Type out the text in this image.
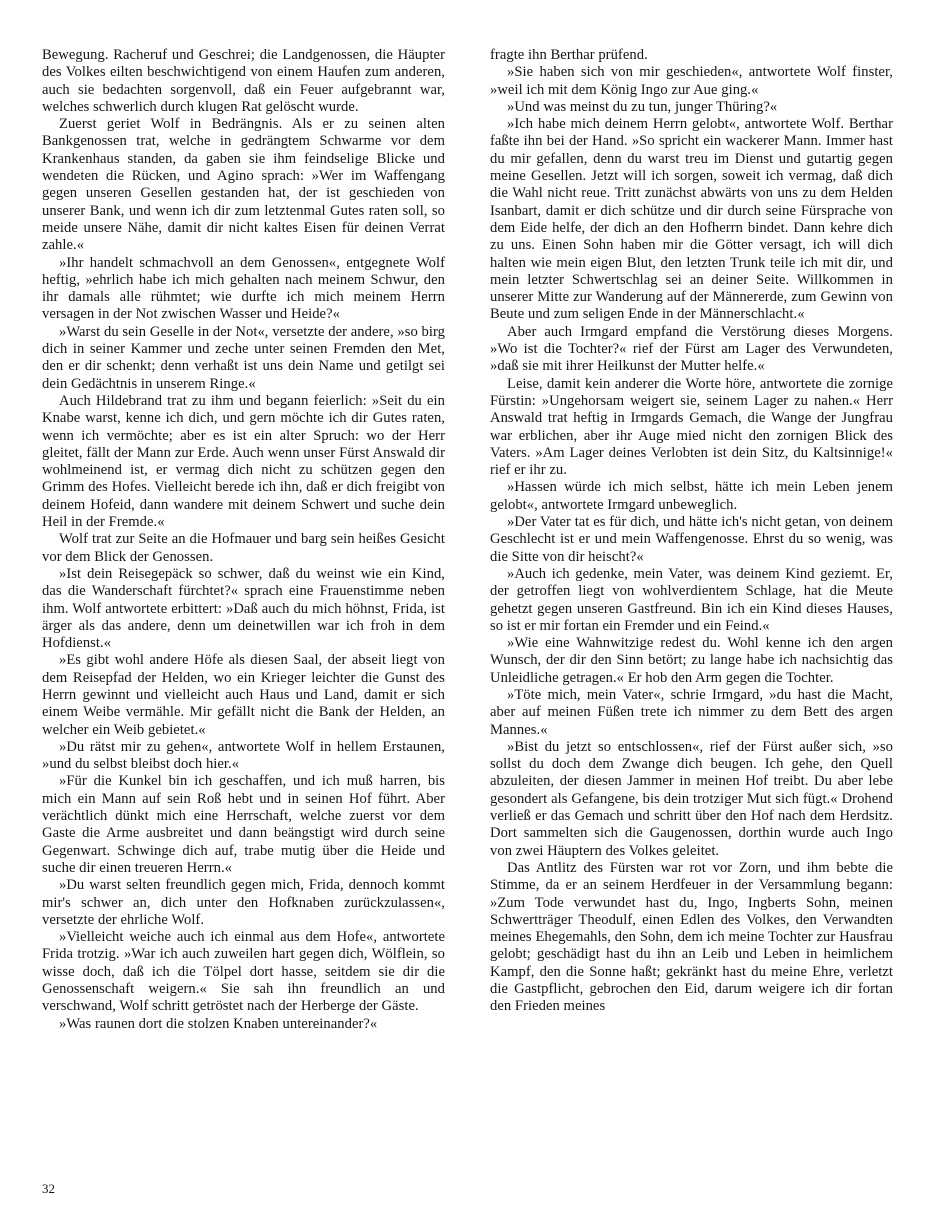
Bewegung. Racheruf und Geschrei; die Landgenossen, die Häupter des Volkes eilten beschwichtigend von einem Haufen zum anderen, auch sie bedachten sorgenvoll, daß ein Feuer aufgebrannt war, welches schwerlich durch klugen Rat gelöscht wurde.

Zuerst geriet Wolf in Bedrängnis. Als er zu seinen alten Bankgenossen trat, welche in gedrängtem Schwarme vor dem Krankenhaus standen, da gaben sie ihm feindselige Blicke und wendeten die Rücken, und Agino sprach: »Wer im Waffengang gegen unseren Gesellen gestanden hat, der ist geschieden von unserer Bank, und wenn ich dir zum letztenmal Gutes raten soll, so meide unsere Nähe, damit dir nicht kaltes Eisen für deinen Verrat zahle.«

»Ihr handelt schmachvoll an dem Genossen«, entgegnete Wolf heftig, »ehrlich habe ich mich gehalten nach meinem Schwur, den ihr damals alle rühmtet; wie durfte ich mich meinem Herrn versagen in der Not zwischen Wasser und Heide?«

»Warst du sein Geselle in der Not«, versetzte der andere, »so birg dich in seiner Kammer und zeche unter seinen Fremden den Met, den er dir schenkt; denn verhaßt ist uns dein Name und getilgt sei dein Gedächtnis in unserem Ringe.«

Auch Hildebrand trat zu ihm und begann feierlich: »Seit du ein Knabe warst, kenne ich dich, und gern möchte ich dir Gutes raten, wenn ich vermöchte; aber es ist ein alter Spruch: wo der Herr gleitet, fällt der Mann zur Erde. Auch wenn unser Fürst Answald dir wohlmeinend ist, er vermag dich nicht zu schützen gegen den Grimm des Hofes. Vielleicht berede ich ihn, daß er dich freigibt von deinem Hofeid, dann wandere mit deinem Schwert und suche dein Heil in der Fremde.«

Wolf trat zur Seite an die Hofmauer und barg sein heißes Gesicht vor dem Blick der Genossen.

»Ist dein Reisegepäck so schwer, daß du weinst wie ein Kind, das die Wanderschaft fürchtet?« sprach eine Frauenstimme neben ihm. Wolf antwortete erbittert: »Daß auch du mich höhnst, Frida, ist ärger als das andere, denn um deinetwillen war ich froh in dem Hofdienst.«

»Es gibt wohl andere Höfe als diesen Saal, der abseit liegt von dem Reisepfad der Helden, wo ein Krieger leichter die Gunst des Herrn gewinnt und vielleicht auch Haus und Land, damit er sich einem Weibe vermähle. Mir gefällt nicht die Bank der Helden, an welcher ein Weib gebietet.«

»Du rätst mir zu gehen«, antwortete Wolf in hellem Erstaunen, »und du selbst bleibst doch hier.«

»Für die Kunkel bin ich geschaffen, und ich muß harren, bis mich ein Mann auf sein Roß hebt und in seinen Hof führt. Aber verächtlich dünkt mich eine Herrschaft, welche zuerst vor dem Gaste die Arme ausbreitet und dann beängstigt wird durch seine Gegenwart. Schwinge dich auf, trabe mutig über die Heide und suche dir einen treueren Herrn.«

»Du warst selten freundlich gegen mich, Frida, dennoch kommt mir's schwer an, dich unter den Hofknaben zurückzulassen«, versetzte der ehrliche Wolf.

»Vielleicht weiche auch ich einmal aus dem Hofe«, antwortete Frida trotzig. »War ich auch zuweilen hart gegen dich, Wölflein, so wisse doch, daß ich die Tölpel dort hasse, seitdem sie dir die Genossenschaft weigern.« Sie sah ihn freundlich an und verschwand, Wolf schritt getröstet nach der Herberge der Gäste.

»Was raunen dort die stolzen Knaben untereinander?«

fragte ihn Berthar prüfend.

»Sie haben sich von mir geschieden«, antwortete Wolf finster, »weil ich mit dem König Ingo zur Aue ging.«

»Und was meinst du zu tun, junger Thüring?«

»Ich habe mich deinem Herrn gelobt«, antwortete Wolf. Berthar faßte ihn bei der Hand. »So spricht ein wackerer Mann. Immer hast du mir gefallen, denn du warst treu im Dienst und gutartig gegen meine Gesellen. Jetzt will ich sorgen, soweit ich vermag, daß dich die Wahl nicht reue. Tritt zunächst abwärts von uns zu dem Helden Isanbart, damit er dich schütze und dir durch seine Fürsprache von dem Eide helfe, der dich an den Hofherrn bindet. Dann kehre dich zu uns. Einen Sohn haben mir die Götter versagt, ich will dich halten wie mein eigen Blut, den letzten Trunk teile ich mit dir, und mein letzter Schwertschlag sei an deiner Seite. Willkommen in unserer Mitte zur Wanderung auf der Männererde, zum Gewinn von Beute und zum seligen Ende in der Männerschlacht.«

Aber auch Irmgard empfand die Verstörung dieses Morgens. »Wo ist die Tochter?« rief der Fürst am Lager des Verwundeten, »daß sie mit ihrer Heilkunst der Mutter helfe.«

Leise, damit kein anderer die Worte höre, antwortete die zornige Fürstin: »Ungehorsam weigert sie, seinem Lager zu nahen.« Herr Answald trat heftig in Irmgards Gemach, die Wange der Jungfrau war erblichen, aber ihr Auge mied nicht den zornigen Blick des Vaters. »Am Lager deines Verlobten ist dein Sitz, du Kaltsinnige!« rief er ihr zu.

»Hassen würde ich mich selbst, hätte ich mein Leben jenem gelobt«, antwortete Irmgard unbeweglich.

»Der Vater tat es für dich, und hätte ich's nicht getan, von deinem Geschlecht ist er und mein Waffengenosse. Ehrst du so wenig, was die Sitte von dir heischt?«

»Auch ich gedenke, mein Vater, was deinem Kind geziemt. Er, der getroffen liegt von wohlverdientem Schlage, hat die Meute gehetzt gegen unseren Gastfreund. Bin ich ein Kind dieses Hauses, so ist er mir fortan ein Fremder und ein Feind.«

»Wie eine Wahnwitzige redest du. Wohl kenne ich den argen Wunsch, der dir den Sinn betört; zu lange habe ich nachsichtig das Unleidliche getragen.« Er hob den Arm gegen die Tochter.

»Töte mich, mein Vater«, schrie Irmgard, »du hast die Macht, aber auf meinen Füßen trete ich nimmer zu dem Bett des argen Mannes.«

»Bist du jetzt so entschlossen«, rief der Fürst außer sich, »so sollst du doch dem Zwange dich beugen. Ich gehe, den Quell abzuleiten, der diesen Jammer in meinen Hof treibt. Du aber lebe gesondert als Gefangene, bis dein trotziger Mut sich fügt.« Drohend verließ er das Gemach und schritt über den Hof nach dem Herdsitz. Dort sammelten sich die Gaugenossen, dorthin wurde auch Ingo von zwei Häuptern des Volkes geleitet.

Das Antlitz des Fürsten war rot vor Zorn, und ihm bebte die Stimme, da er an seinem Herdfeuer in der Versammlung begann: »Zum Tode verwundet hast du, Ingo, Ingberts Sohn, meinen Schwertträger Theodulf, einen Edlen des Volkes, den Verwandten meines Ehegemahls, den Sohn, dem ich meine Tochter zur Hausfrau gelobt; geschädigt hast du ihn an Leib und Leben in heimlichem Kampf, den die Sonne haßt; gekränkt hast du meine Ehre, verletzt die Gastpflicht, gebrochen den Eid, darum weigere ich dir fortan den Frieden meines

32
